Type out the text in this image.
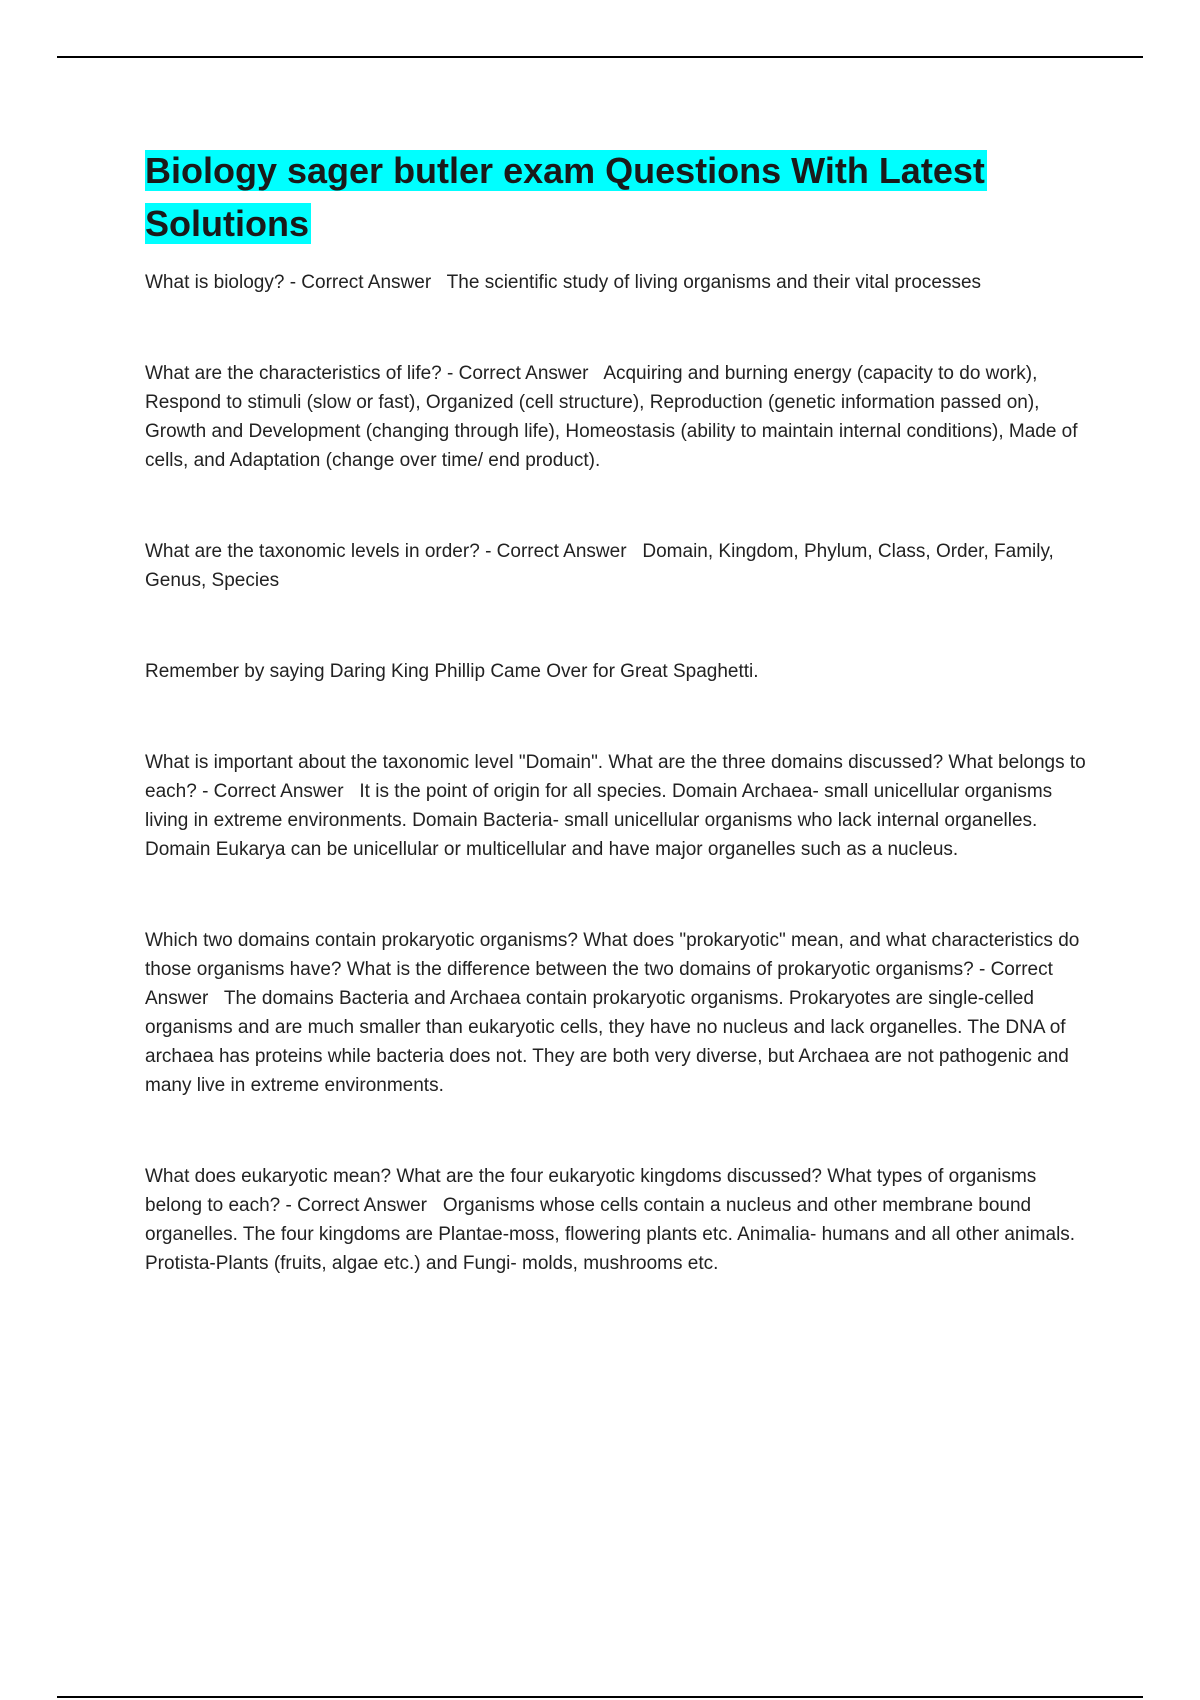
Biology sager butler exam Questions With Latest Solutions

What is biology? - Correct Answer The scientific study of living organisms and their vital processes

What are the characteristics of life? - Correct Answer Acquiring and burning energy (capacity to do work), Respond to stimuli (slow or fast), Organized (cell structure), Reproduction (genetic information passed on), Growth and Development (changing through life), Homeostasis (ability to maintain internal conditions), Made of cells, and Adaptation (change over time/ end product).

What are the taxonomic levels in order? - Correct Answer Domain, Kingdom, Phylum, Class, Order, Family, Genus, Species

Remember by saying Daring King Phillip Came Over for Great Spaghetti.

What is important about the taxonomic level "Domain". What are the three domains discussed? What belongs to each? - Correct Answer It is the point of origin for all species. Domain Archaea- small unicellular organisms living in extreme environments. Domain Bacteria- small unicellular organisms who lack internal organelles. Domain Eukarya can be unicellular or multicellular and have major organelles such as a nucleus.

Which two domains contain prokaryotic organisms? What does "prokaryotic" mean, and what characteristics do those organisms have? What is the difference between the two domains of prokaryotic organisms? - Correct Answer The domains Bacteria and Archaea contain prokaryotic organisms. Prokaryotes are single-celled organisms and are much smaller than eukaryotic cells, they have no nucleus and lack organelles. The DNA of archaea has proteins while bacteria does not. They are both very diverse, but Archaea are not pathogenic and many live in extreme environments.

What does eukaryotic mean? What are the four eukaryotic kingdoms discussed? What types of organisms belong to each? - Correct Answer Organisms whose cells contain a nucleus and other membrane bound organelles. The four kingdoms are Plantae-moss, flowering plants etc. Animalia- humans and all other animals. Protista-Plants (fruits, algae etc.) and Fungi- molds, mushrooms etc.
